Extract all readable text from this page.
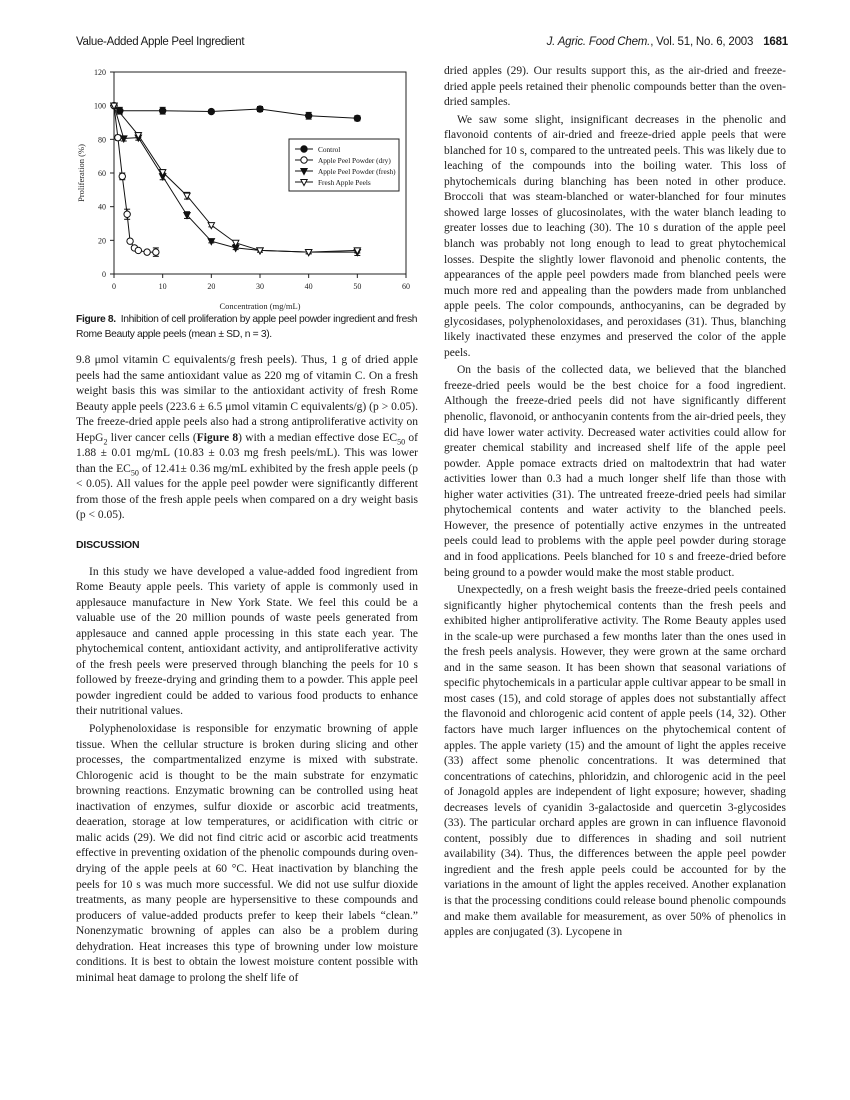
Value-Added Apple Peel Ingredient	J. Agric. Food Chem., Vol. 51, No. 6, 2003 1681
0
20
40
60
80
100
120
0	10	20	30	40	50	60
Concentration (mg/mL)
Proliferation (%)	Control
Apple Peel Powder (dry)
Apple Peel Powder (fresh)
Fresh Apple Peels
Figure 8. Inhibition of cell proliferation by apple peel powder ingredient and fresh Rome Beauty apple peels (mean ± SD, n = 3).

9.8 μmol vitamin C equivalents/g fresh peels). Thus, 1 g of dried apple peels had the same antioxidant value as 220 mg of vitamin C. On a fresh weight basis this was similar to the antioxidant activity of fresh Rome Beauty apple peels (223.6 ± 6.5 μmol vitamin C equivalents/g) (p > 0.05). The freeze-dried apple peels also had a strong antiproliferative activity on HepG$_2$ liver cancer cells (Figure 8) with a median effective dose $EC_{50}$ of 1.88 ± 0.01 mg/mL (10.83 ± 0.03 mg fresh peels/mL). This was lower than the $EC_{50}$ of 12.41± 0.36 mg/mL exhibited by the fresh apple peels (p < 0.05). All values for the apple peel powder were significantly different from those of the fresh apple peels when compared on a dry weight basis (p < 0.05).

DISCUSSION

In this study we have developed a value-added food ingredient from Rome Beauty apple peels. This variety of apple is commonly used in applesauce manufacture in New York State. We feel this could be a valuable use of the 20 million pounds of waste peels generated from applesauce and canned apple processing in this state each year. The phytochemical content, antioxidant activity, and antiproliferative activity of the fresh peels were preserved through blanching the peels for 10 s followed by freeze-drying and grinding them to a powder. This apple peel powder ingredient could be added to various food products to enhance their nutritional values.

Polyphenoloxidase is responsible for enzymatic browning of apple tissue. When the cellular structure is broken during slicing and other processes, the compartmentalized enzyme is mixed with substrate. Chlorogenic acid is thought to be the main substrate for enzymatic browning reactions. Enzymatic browning can be controlled using heat inactivation of enzymes, sulfur dioxide or ascorbic acid treatments, deaeration, storage at low temperatures, or acidification with citric or malic acids (29). We did not find citric acid or ascorbic acid treatments effective in preventing oxidation of the phenolic compounds during oven-drying of the apple peels at 60 °C. Heat inactivation by blanching the peels for 10 s was much more successful. We did not use sulfur dioxide treatments, as many people are hypersensitive to these compounds and producers of value-added products prefer to keep their labels “clean.” Nonenzymatic browning of apples can also be a problem during dehydration. Heat increases this type of browning under low moisture conditions. It is best to obtain the lowest moisture content possible with minimal heat damage to prolong the shelf life of

dried apples (29). Our results support this, as the air-dried and freeze-dried apple peels retained their phenolic compounds better than the oven-dried samples.

We saw some slight, insignificant decreases in the phenolic and flavonoid contents of air-dried and freeze-dried apple peels that were blanched for 10 s, compared to the untreated peels. This was likely due to leaching of the compounds into the boiling water. This loss of phytochemicals during blanching has been noted in other produce. Broccoli that was steam-blanched or water-blanched for four minutes showed large losses of glucosinolates, with the water blanch leading to greater losses due to leaching (30). The 10 s duration of the apple peel blanch was probably not long enough to lead to great phytochemical losses. Despite the slightly lower flavonoid and phenolic contents, the appearances of the apple peel powders made from blanched peels were much more red and appealing than the powders made from unblanched apple peels. The color compounds, anthocyanins, can be degraded by glycosidases, polyphenoloxidases, and peroxidases (31). Thus, blanching likely inactivated these enzymes and preserved the color of the apple peels.

On the basis of the collected data, we believed that the blanched freeze-dried peels would be the best choice for a food ingredient. Although the freeze-dried peels did not have significantly different phenolic, flavonoid, or anthocyanin contents from the air-dried peels, they did have lower water activity. Decreased water activities could allow for greater chemical stability and increased shelf life of the apple peel powder. Apple pomace extracts dried on maltodextrin that had water activities lower than 0.3 had a much longer shelf life than those with higher water activities (31). The untreated freeze-dried peels had similar phytochemical contents and water activity to the blanched peels. However, the presence of potentially active enzymes in the untreated peels could lead to problems with the apple peel powder during storage and in food applications. Peels blanched for 10 s and freeze-dried before being ground to a powder would make the most stable product.

Unexpectedly, on a fresh weight basis the freeze-dried peels contained significantly higher phytochemical contents than the fresh peels and exhibited higher antiproliferative activity. The Rome Beauty apples used in the scale-up were purchased a few months later than the ones used in the fresh peels analysis. However, they were grown at the same orchard and in the same season. It has been shown that seasonal variations of specific phytochemicals in a particular apple cultivar appear to be small in most cases (15), and cold storage of apples does not substantially affect the flavonoid and chlorogenic acid content of apple peels (14, 32). Other factors have much larger influences on the phytochemical content of apples. The apple variety (15) and the amount of light the apples receive (33) affect some phenolic concentrations. It was determined that concentrations of catechins, phloridzin, and chlorogenic acid in the peel of Jonagold apples are independent of light exposure; however, shading decreases levels of cyanidin 3-galactoside and quercetin 3-glycosides (33). The particular orchard apples are grown in can influence flavonoid content, possibly due to differences in shading and soil nutrient availability (34). Thus, the differences between the apple peel powder ingredient and the fresh apple peels could be accounted for by the variations in the amount of light the apples received. Another explanation is that the processing conditions could release bound phenolic compounds and make them available for measurement, as over 50% of phenolics in apples are conjugated (3). Lycopene in
